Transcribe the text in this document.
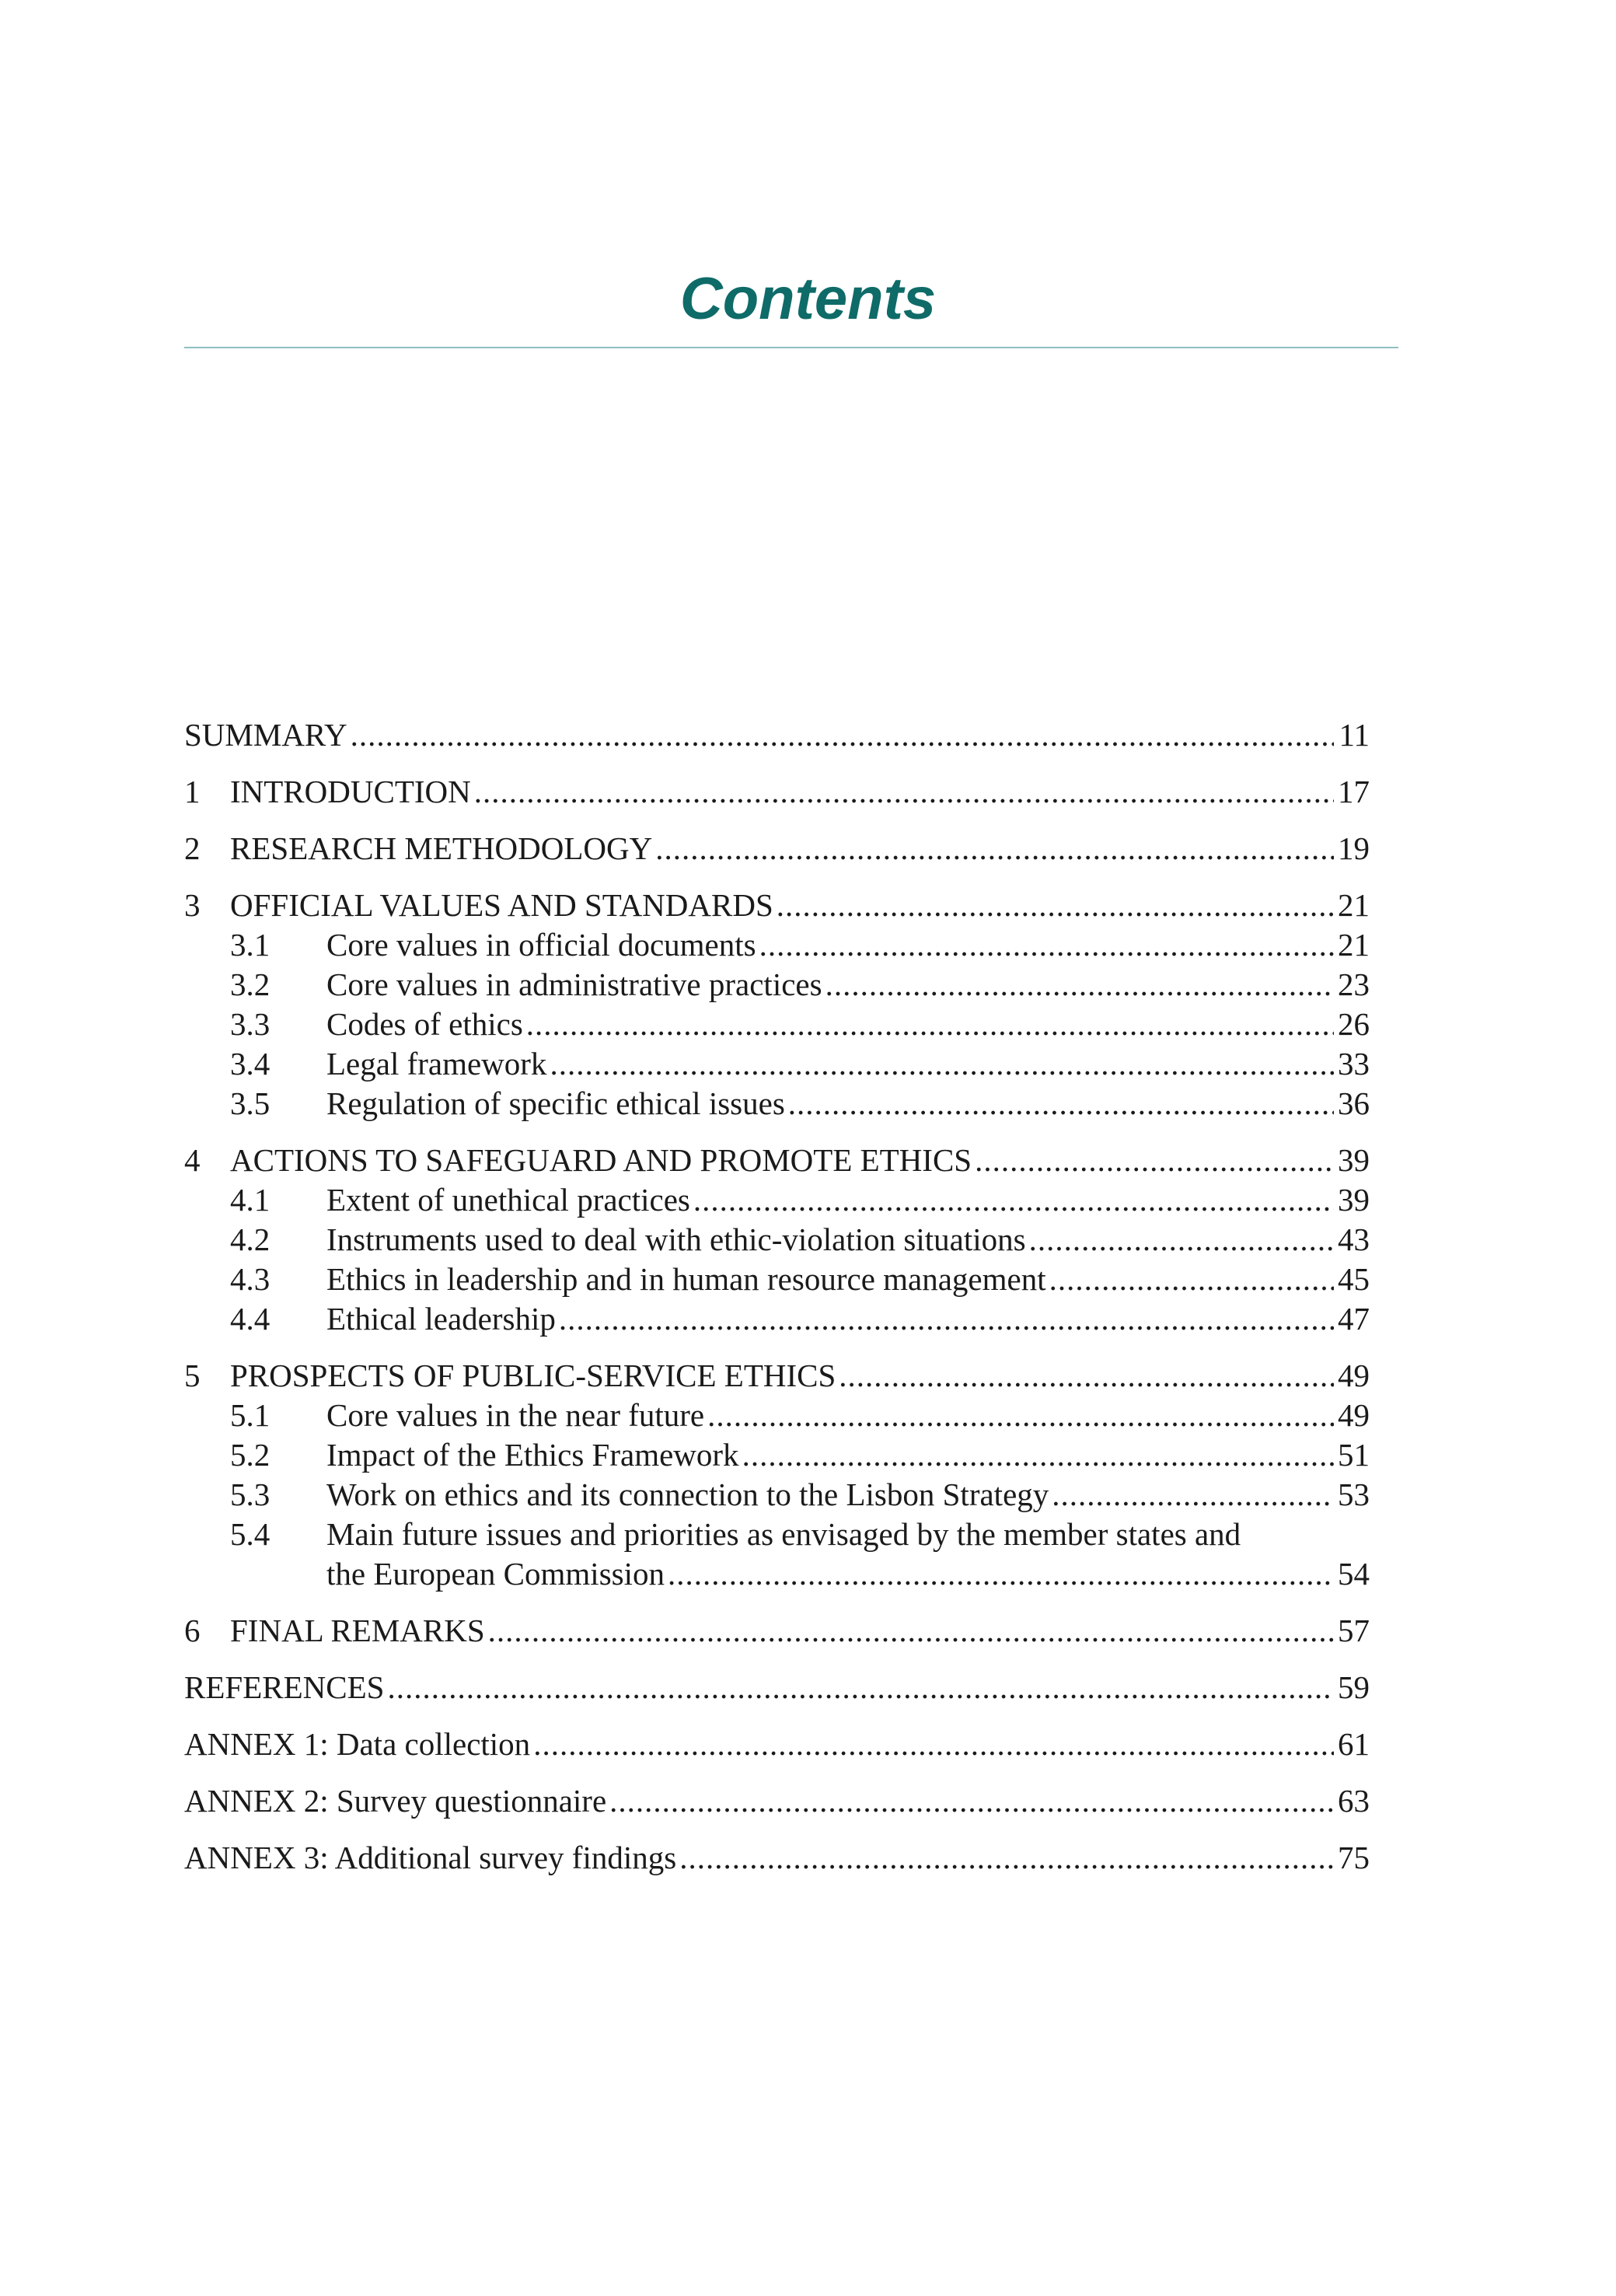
Contents
SUMMARY .....	11
1 INTRODUCTION .....	17
2 RESEARCH METHODOLOGY .....	19
3 OFFICIAL VALUES AND STANDARDS .....	21
3.1	Core values in official documents .....	21
3.2	Core values in administrative practices .....	23
3.3	Codes of ethics .....	26
3.4	Legal framework .....	33
3.5	Regulation of specific ethical issues .....	36
4 ACTIONS TO SAFEGUARD AND PROMOTE ETHICS .....	39
4.1	Extent of unethical practices .....	39
4.2	Instruments used to deal with ethic-violation situations .....	43
4.3	Ethics in leadership and in human resource management .....	45
4.4	Ethical leadership .....	47
5 PROSPECTS OF PUBLIC-SERVICE ETHICS .....	49
5.1	Core values in the near future .....	49
5.2	Impact of the Ethics Framework .....	51
5.3	Work on ethics and its connection to the Lisbon Strategy .....	53
5.4	Main future issues and priorities as envisaged by the member states and
the European Commission .....	54
6 FINAL REMARKS .....	57
REFERENCES .....	59
ANNEX 1: Data collection .....	61
ANNEX 2: Survey questionnaire .....	63
ANNEX 3: Additional survey findings .....	75
